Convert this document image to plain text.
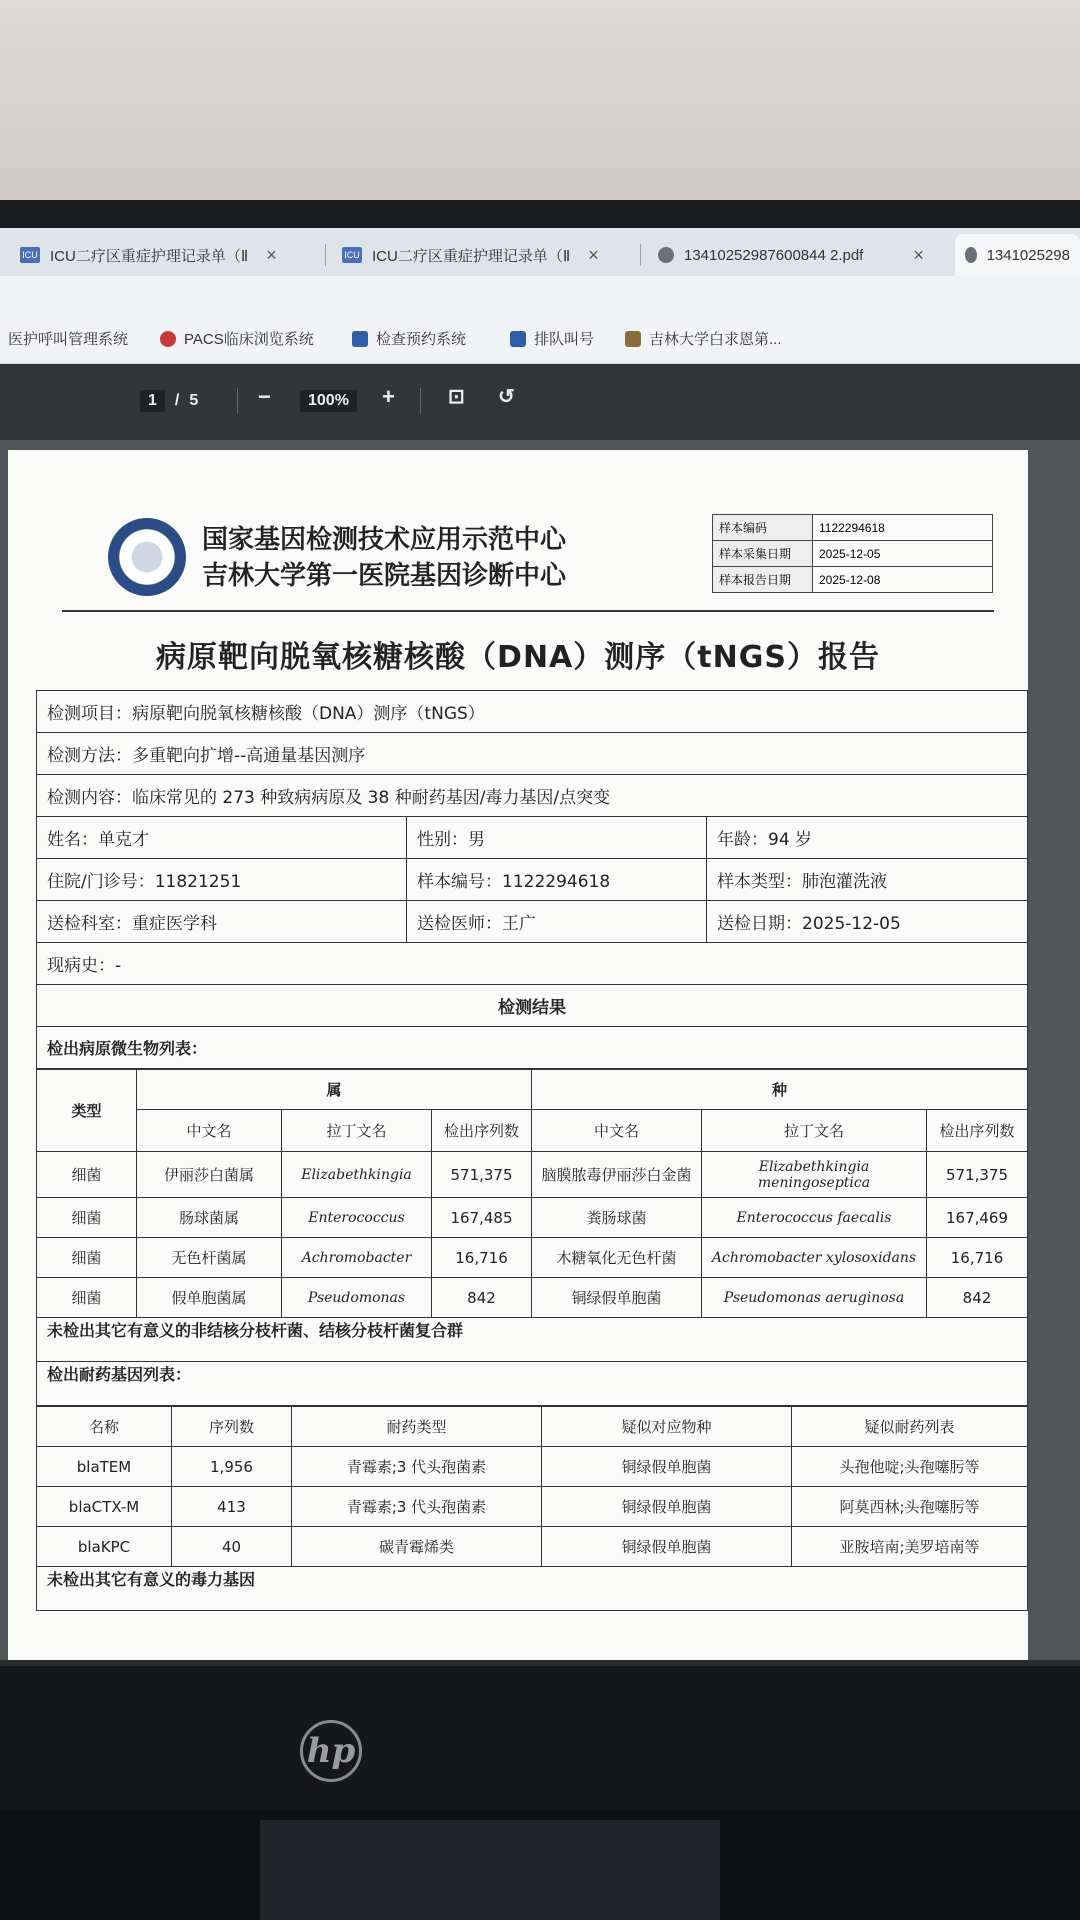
ICU ICU二疗区重症护理记录单（Ⅱ ×	ICU ICU二疗区重症护理记录单（Ⅱ ×	13410252987600844 2.pdf	×	1341025298
医护呼叫管理系统	PACS临床浏览系统	检查预约系统	排队叫号	吉林大学白求恩第...
1	/ 5	−	100%	+	⊡ ↺
国家基因检测技术应用示范中心
吉林大学第一医院基因诊断中心
样本编码	1122294618
样本采集日期	2025-12-05
样本报告日期	2025-12-08
病原靶向脱氧核糖核酸（DNA）测序（tNGS）报告
检测项目：病原靶向脱氧核糖核酸（DNA）测序（tNGS）		
检测方法：多重靶向扩增--高通量基因测序		
检测内容：临床常见的 273 种致病病原及 38 种耐药基因/毒力基因/点突变		
姓名：单克才	性别：男	年龄：94 岁
住院/门诊号：11821251	样本编号：1122294618	样本类型：肺泡灌洗液
送检科室：重症医学科	送检医师：王广	送检日期：2025-12-05
现病史：-		
检测结果		
检出病原微生物列表：		
类型	属			种		
	中文名	拉丁文名	检出序列数	中文名	拉丁文名	检出序列数
细菌	伊丽莎白菌属	Elizabethkingia	571,375	脑膜脓毒伊丽莎白金菌	Elizabethkingia meningoseptica	571,375
细菌	肠球菌属	Enterococcus	167,485	粪肠球菌	Enterococcus faecalis	167,469
细菌	无色杆菌属	Achromobacter	16,716	木糖氧化无色杆菌	Achromobacter xylosoxidans	16,716
细菌	假单胞菌属	Pseudomonas	842	铜绿假单胞菌	Pseudomonas aeruginosa	842
未检出其它有意义的非结核分枝杆菌、结核分枝杆菌复合群
检出耐药基因列表：
名称	序列数	耐药类型	疑似对应物种	疑似耐药列表
blaTEM	1,956	青霉素;3 代头孢菌素	铜绿假单胞菌	头孢他啶;头孢噻肟等
blaCTX-M	413	青霉素;3 代头孢菌素	铜绿假单胞菌	阿莫西林;头孢噻肟等
blaKPC	40	碳青霉烯类	铜绿假单胞菌	亚胺培南;美罗培南等
未检出其它有意义的毒力基因
hp
